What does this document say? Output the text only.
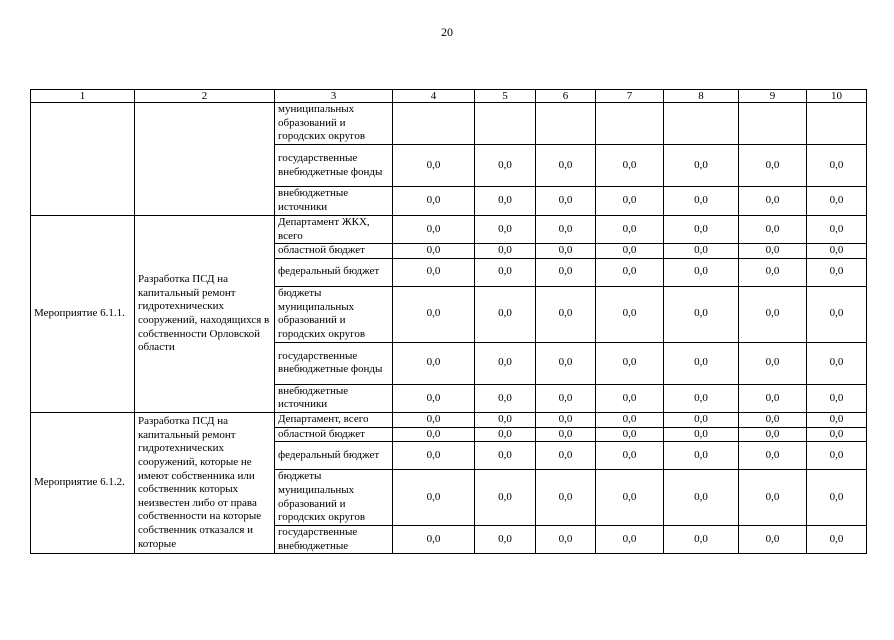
20
1	2	3	4	5	6	7	8	9	10
		муниципальных образований и городских округов							
		государственные внебюджетные фонды	0,0	0,0	0,0	0,0	0,0	0,0	0,0
		внебюджетные источники	0,0	0,0	0,0	0,0	0,0	0,0	0,0
Мероприятие 6.1.1.	Разработка ПСД на капитальный ремонт гидротехнических сооружений, находящихся в собственности Орловской области	Департамент ЖКХ, всего	0,0	0,0	0,0	0,0	0,0	0,0	0,0
		областной бюджет	0,0	0,0	0,0	0,0	0,0	0,0	0,0
		федеральный бюджет	0,0	0,0	0,0	0,0	0,0	0,0	0,0
		бюджеты муниципальных образований и городских округов	0,0	0,0	0,0	0,0	0,0	0,0	0,0
		государственные внебюджетные фонды	0,0	0,0	0,0	0,0	0,0	0,0	0,0
		внебюджетные источники	0,0	0,0	0,0	0,0	0,0	0,0	0,0
Мероприятие 6.1.2.	Разработка ПСД на капитальный ремонт гидротехнических сооружений, которые не имеют собственника или собственник которых неизвестен либо от права собственности на которые собственник отказался и которые	Департамент, всего	0,0	0,0	0,0	0,0	0,0	0,0	0,0
		областной бюджет	0,0	0,0	0,0	0,0	0,0	0,0	0,0
		федеральный бюджет	0,0	0,0	0,0	0,0	0,0	0,0	0,0
		бюджеты муниципальных образований и городских округов	0,0	0,0	0,0	0,0	0,0	0,0	0,0
		государственные внебюджетные	0,0	0,0	0,0	0,0	0,0	0,0	0,0
